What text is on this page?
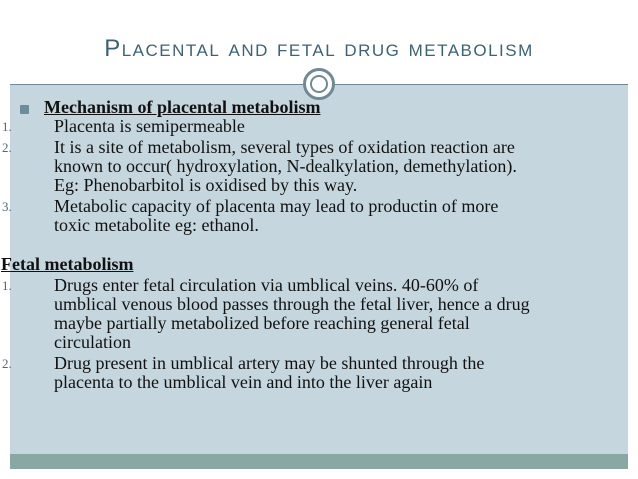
Placental and fetal drug metabolism
Mechanism of placental metabolism
1. Placenta is semipermeable
2. It is a site of metabolism, several types of oxidation reaction are
known to occur( hydroxylation, N-dealkylation, demethylation).
Eg: Phenobarbitol is oxidised by this way.
3. Metabolic capacity of placenta may lead to productin of more
toxic metabolite eg: ethanol.
Fetal metabolism
1. Drugs enter fetal circulation via umblical veins. 40-60% of
umblical venous blood passes through the fetal liver, hence a drug
maybe partially metabolized before reaching general fetal
circulation
2. Drug present in umblical artery may be shunted through the
placenta to the umblical vein and into the liver again
